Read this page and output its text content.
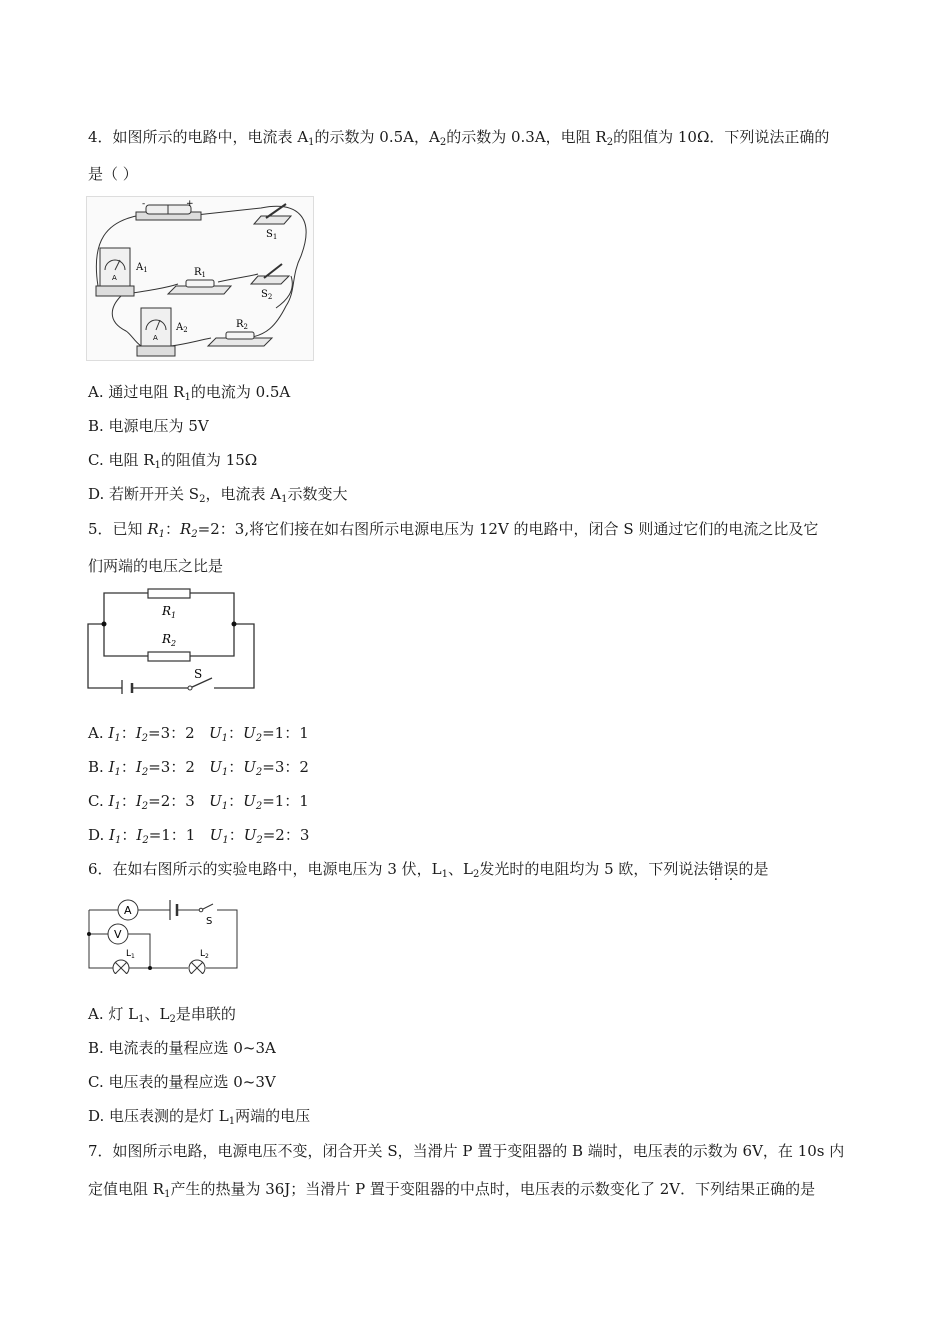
4．如图所示的电路中，电流表 $A_1$的示数为 0.5A，$A_2$的示数为 0.3A，电阻 $R_2$的阻值为 10Ω．下列说法正确的
是（ ）
-	+
$S_1$
A
$A_1$	$R_1$
$S_2$
A
$A_2$	$R_2$
A. 通过电阻 $R_1$的电流为 0.5A
B. 电源电压为 5V
C. 电阻 $R_1$的阻值为 15Ω
D. 若断开开关 $S_2$，电流表 $A_1$示数变大
5．已知 $R_1$：$R_2=2$：3,将它们接在如右图所示电源电压为 12V 的电路中，闭合 S 则通过它们的电流之比及它
们两端的电压之比是
$R_1$
$R_2$
S
A. $I_1$：$I_2=3$：2 $U_1$：$U_2=1$：1
B. $I_1$：$I_2=3$：2 $U_1$：$U_2=3$：2
C. $I_1$：$I_2=2$：3 $U_1$：$U_2=1$：1
D. $I_1$：$I_2=1$：1 $U_1$：$U_2=2$：3
6．在如右图所示的实验电路中，电源电压为 3 伏，$L_1$、$L_2$发光时的电阻均为 5 欧，下列说法错误的是
A
V
S
$L_1$	$L_2$
A. 灯 $L_1$、$L_2$是串联的
B. 电流表的量程应选 0~3A
C. 电压表的量程应选 0~3V
D. 电压表测的是灯 $L_1$两端的电压
7．如图所示电路，电源电压不变，闭合开关 S，当滑片 P 置于变阻器的 B 端时，电压表的示数为 6V，在 10s 内
定值电阻 $R_1$产生的热量为 36J；当滑片 P 置于变阻器的中点时，电压表的示数变化了 2V．下列结果正确的是
